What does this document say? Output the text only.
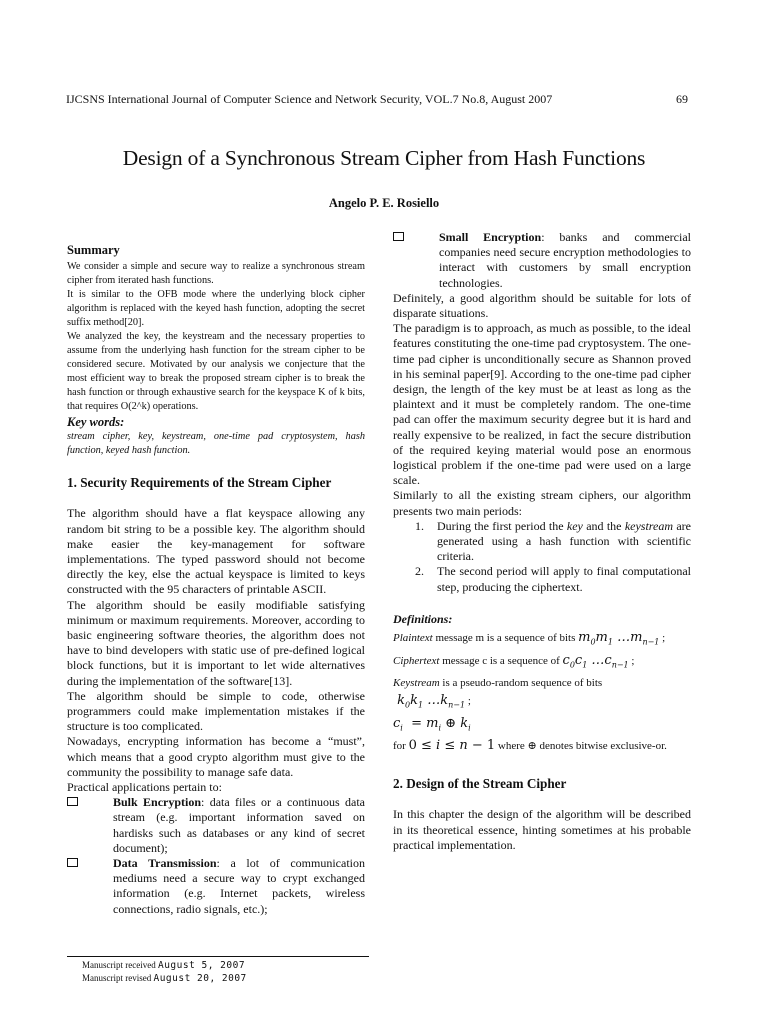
IJCSNS International Journal of Computer Science and Network Security, VOL.7 No.8, August 2007	69
Design of a Synchronous Stream Cipher from Hash Functions
Angelo P. E. Rosiello
Summary

We consider a simple and secure way to realize a synchronous stream cipher from iterated hash functions.

It is similar to the OFB mode where the underlying block cipher algorithm is replaced with the keyed hash function, adopting the secret suffix method[20].

We analyzed the key, the keystream and the necessary properties to assume from the underlying hash function for the stream cipher to be considered secure. Motivated by our analysis we conjecture that the most efficient way to break the proposed stream cipher is to break the hash function or through exhaustive search for the keyspace K of k bits, that requires O(2^k) operations.

Key words:

stream cipher, key, keystream, one-time pad cryptosystem, hash function, keyed hash function.

1. Security Requirements of the Stream Cipher

The algorithm should have a flat keyspace allowing any random bit string to be a possible key. The algorithm should make easier the key-management for software implementations. The typed password should not become directly the key, else the actual keyspace is limited to keys constructed with the 95 characters of printable ASCII.

The algorithm should be easily modifiable satisfying minimum or maximum requirements. Moreover, according to basic engineering software theories, the algorithm does not have to bind developers with static use of pre-defined logical block functions, but it is important to let wide alternatives during the implementation of the software[13].

The algorithm should be simple to code, otherwise programmers could make implementation mistakes if the structure is too complicated.

Nowadays, encrypting information has become a “must”, which means that a good crypto algorithm must give to the community the possibility to manage safe data.

Practical applications pertain to:

Bulk Encryption: data files or a continuous data stream (e.g. important information saved on hardisks such as databases or any kind of secret document);
Data Transmission: a lot of communication mediums need a secure way to crypt exchanged information (e.g. Internet packets, wireless connections, radio signals, etc.);
Small Encryption: banks and commercial companies need secure encryption methodologies to interact with customers by small encryption technologies.

Definitely, a good algorithm should be suitable for lots of disparate situations.

The paradigm is to approach, as much as possible, to the ideal features constituting the one-time pad cryptosystem. The one-time pad cipher is unconditionally secure as Shannon proved in his seminal paper[9]. According to the one-time pad cipher design, the length of the key must be at least as long as the plaintext and it must be completely random. The one-time pad can offer the maximum security degree but it is hard and really expensive to be realized, in fact the secure distribution of the required keying material would pose an enormous logistical problem if the one-time pad were used on a large scale.

Similarly to all the existing stream ciphers, our algorithm presents two main periods:

1.	During the first period the key and the keystream are generated using a hash function with scientific criteria.
2.	The second period will apply to final computational step, producing the ciphertext.
Definitions:
Plaintext message m is a sequence of bits $m_0m_1$ $\dots m_{n-1}$ ;
Ciphertext message c is a sequence of $c_0c_1$ $\dots c_{n-1}$ ;
Keystream is a pseudo-random sequence of bits
$k_0k_1$ $\dots k_{n-1}$ ;
$c_i = m_i$ ⊕ $k_i$
for 0 ≤ i ≤ n − 1 where ⊕ denotes bitwise exclusive-or.
2. Design of the Stream Cipher

In this chapter the design of the algorithm will be described in its theoretical essence, hinting sometimes at his probable practical implementation.

Manuscript received August 5, 2007
Manuscript revised August 20, 2007
